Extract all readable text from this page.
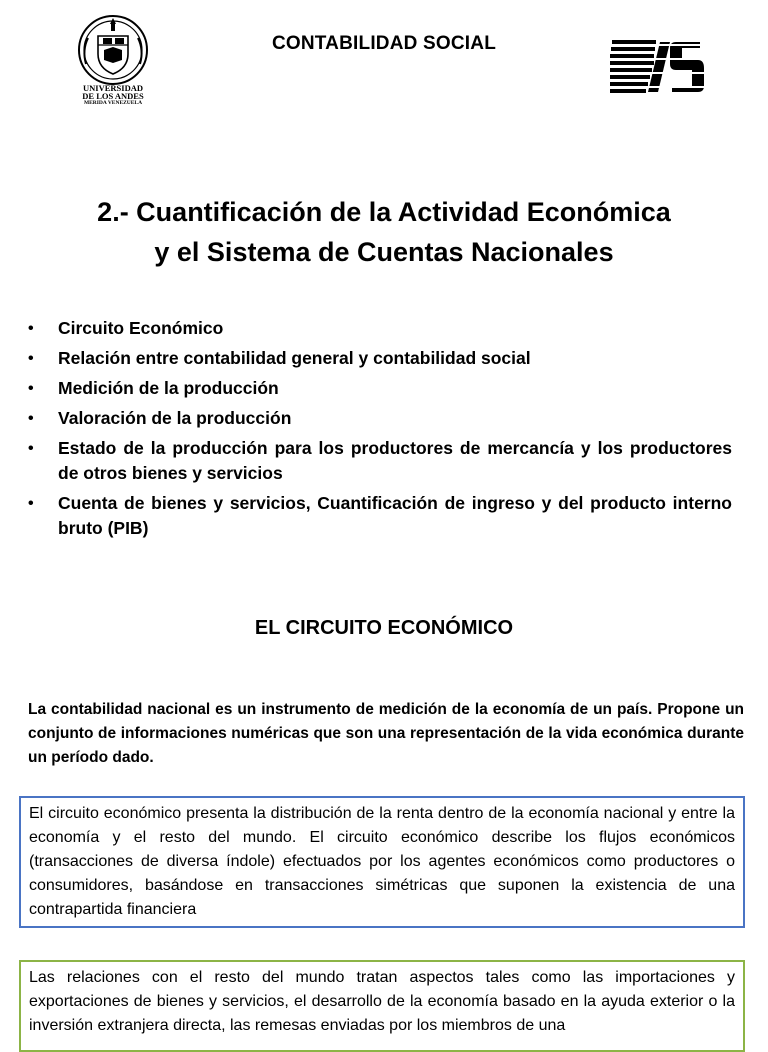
UNIVERSIDAD
DE LOS ANDES
MERIDA VENEZUELA
CONTABILIDAD SOCIAL
2.- Cuantificación de la Actividad Económica
y el Sistema de Cuentas Nacionales
• Circuito Económico
• Relación entre contabilidad general y contabilidad social
• Medición de la producción
• Valoración de la producción
• Estado de la producción para los productores de mercancía y los productores de otros bienes y servicios
• Cuenta de bienes y servicios, Cuantificación de ingreso y del producto interno bruto (PIB)
EL CIRCUITO ECONÓMICO
La contabilidad nacional es un instrumento de medición de la economía de un país. Propone un conjunto de informaciones numéricas que son una representación de la vida económica durante un período dado.
El circuito económico presenta la distribución de la renta dentro de la economía nacional y entre la economía y el resto del mundo. El circuito económico describe los flujos económicos (transacciones de diversa índole) efectuados por los agentes económicos como productores o consumidores, basándose en transacciones simétricas que suponen la existencia de una contrapartida financiera
Las relaciones con el resto del mundo tratan aspectos tales como las importaciones y exportaciones de bienes y servicios, el desarrollo de la economía basado en la ayuda exterior o la inversión extranjera directa, las remesas enviadas por los miembros de una
